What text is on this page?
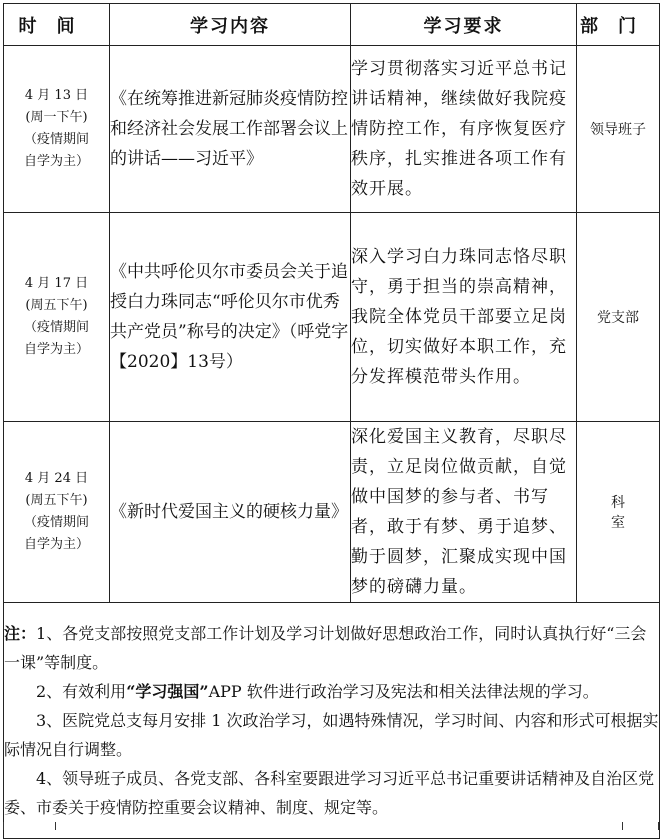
时间	学习内容	学习要求	部门

4 月 13 日
(周一下午)
（疫情期间
自学为主）	《在统筹推进新冠肺炎疫情防控和经济社会发展工作部署会议上的讲话——习近平》	学习贯彻落实习近平总书记讲话精神，继续做好我院疫情防控工作，有序恢复医疗秩序，扎实推进各项工作有效开展。	领导班子

4 月 17 日
(周五下午)
（疫情期间
自学为主）	《中共呼伦贝尔市委员会关于追授白力珠同志“呼伦贝尔市优秀共产党员”称号的决定》（呼党字【2020】13号）	深入学习白力珠同志恪尽职守，勇于担当的崇高精神，我院全体党员干部要立足岗位，切实做好本职工作，充分发挥模范带头作用。	党支部

4 月 24 日
(周五下午)
（疫情期间
自学为主）	《新时代爱国主义的硬核力量》	深化爱国主义教育，尽职尽责，立足岗位做贡献，自觉做中国梦的参与者、书写者，敢于有梦、勇于追梦、勤于圆梦，汇聚成实现中国梦的磅礴力量。	科室

注：1、各党支部按照党支部工作计划及学习计划做好思想政治工作，同时认真执行好“三会一课”等制度。

2、有效利用“学习强国”APP 软件进行政治学习及宪法和相关法律法规的学习。

3、医院党总支每月安排 1 次政治学习，如遇特殊情况，学习时间、内容和形式可根据实际情况自行调整。

4、领导班子成员、各党支部、各科室要跟进学习习近平总书记重要讲话精神及自治区党委、市委关于疫情防控重要会议精神、制度、规定等。			
